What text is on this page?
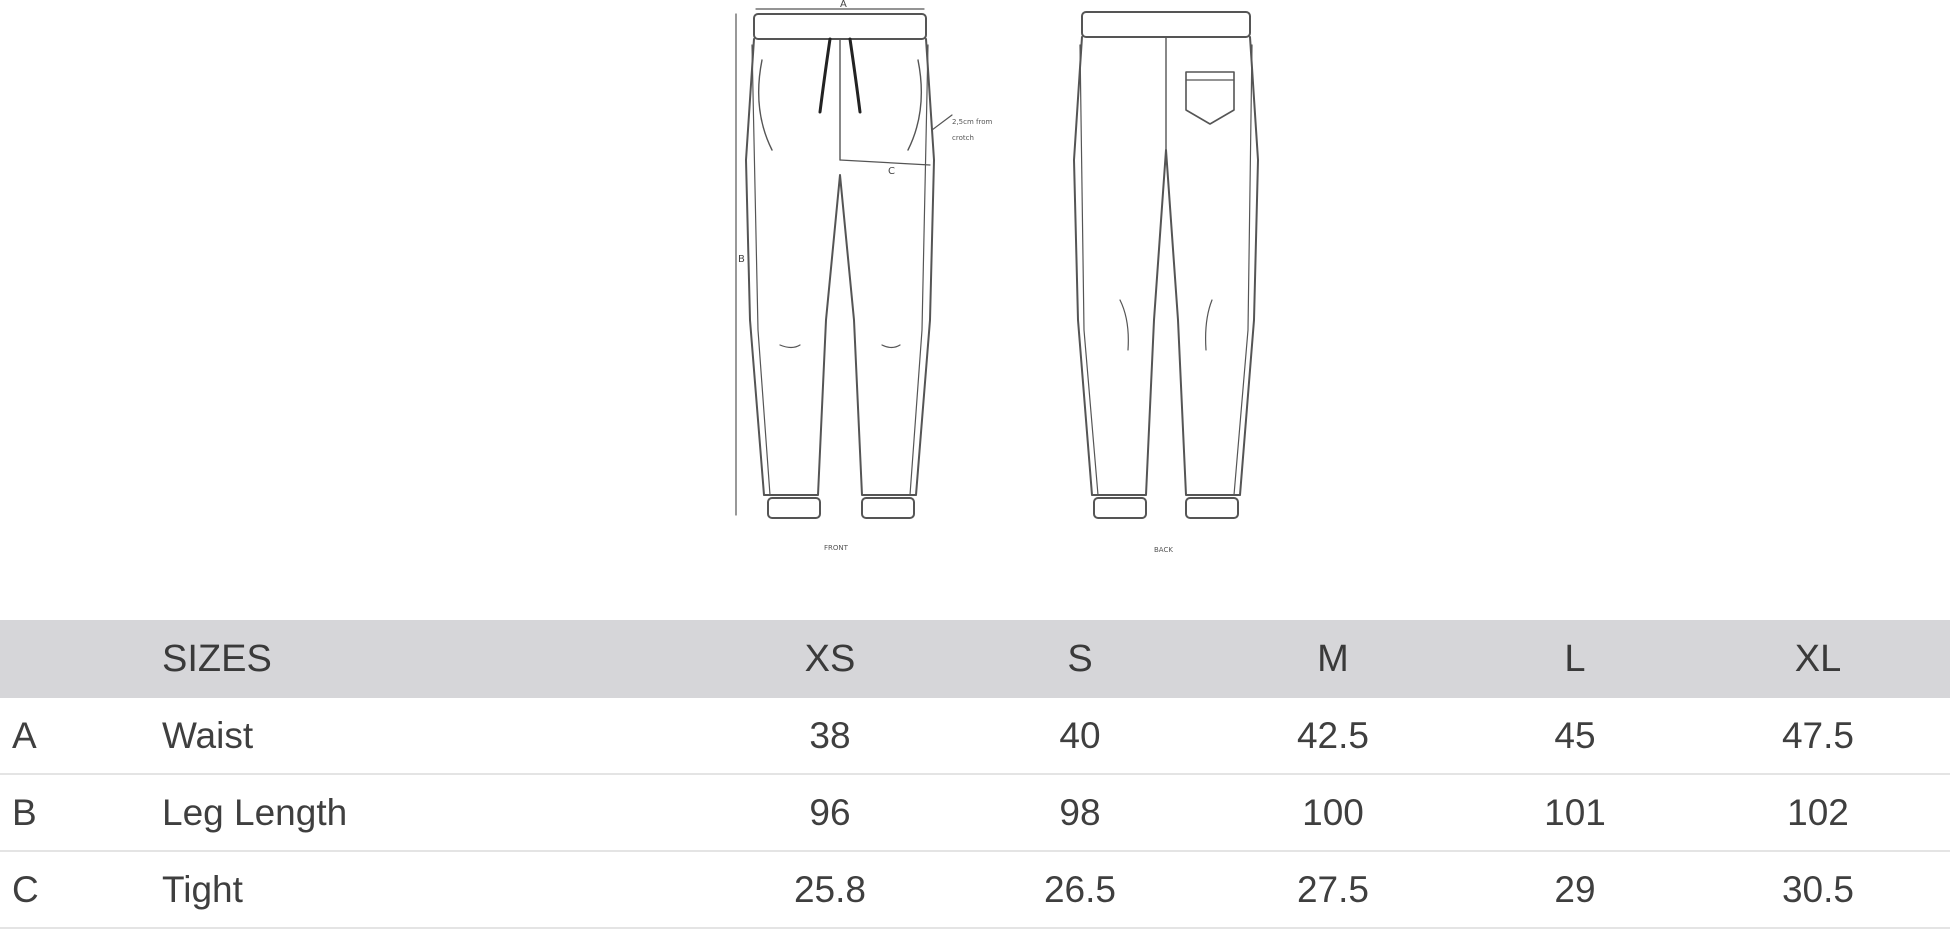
A
B
C
2,5cm from
crotch
FRONT	BACK
SIZES	XS	S	M	L	XL
A	Waist	38	40	42.5	45	47.5
B	Leg Length	96	98	100	101	102
C	Tight	25.8	26.5	27.5	29	30.5
